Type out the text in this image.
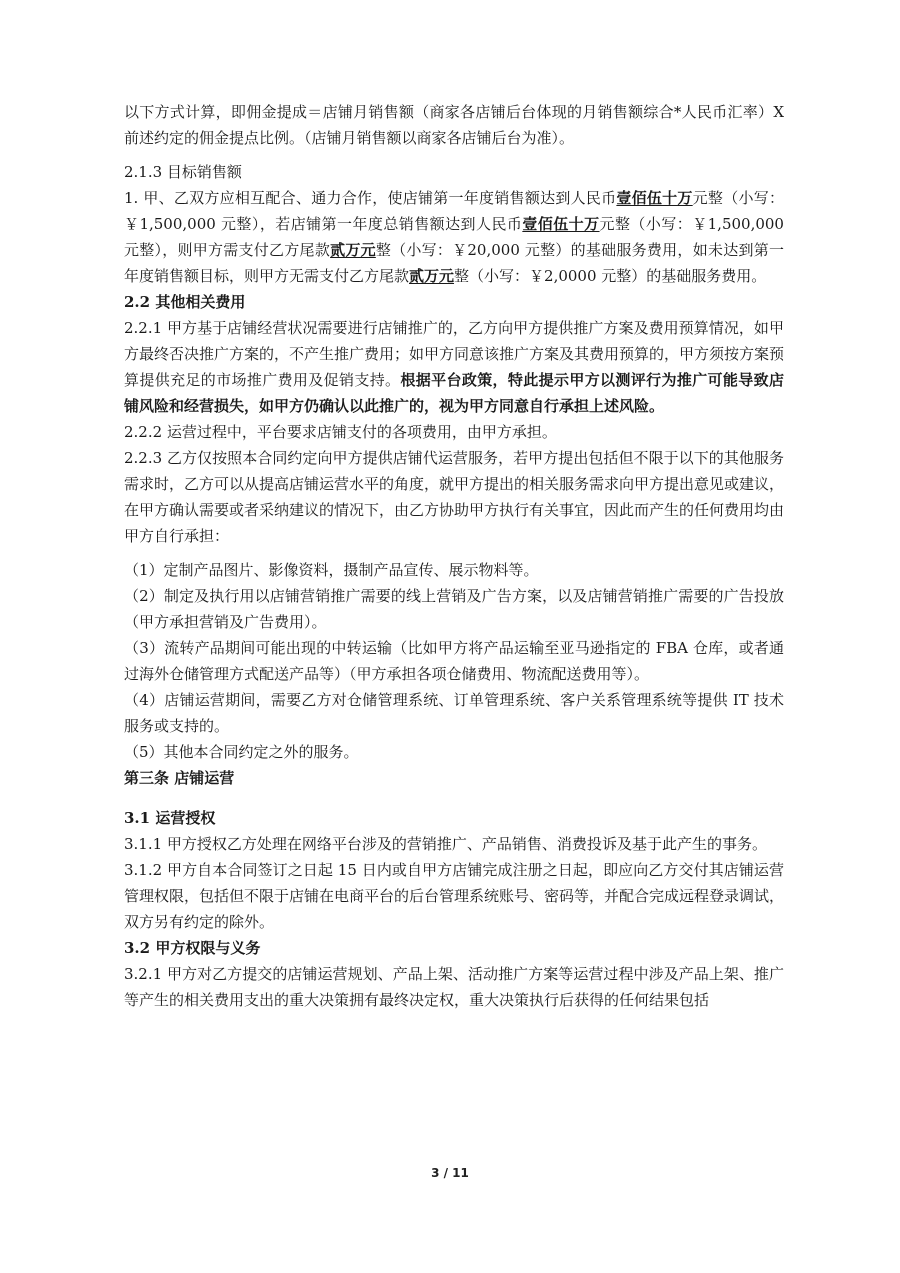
以下方式计算，即佣金提成＝店铺月销售额（商家各店铺后台体现的月销售额综合*人民币汇率）X 前述约定的佣金提点比例。（店铺月销售额以商家各店铺后台为准）。

2.1.3 目标销售额

1. 甲、乙双方应相互配合、通力合作，使店铺第一年度销售额达到人民币壹佰伍十万元整（小写：￥1,500,000 元整），若店铺第一年度总销售额达到人民币壹佰伍十万元整（小写：￥1,500,000 元整），则甲方需支付乙方尾款贰万元整（小写：￥20,000 元整）的基础服务费用，如未达到第一年度销售额目标，则甲方无需支付乙方尾款贰万元整（小写：￥2,0000 元整）的基础服务费用。

2.2 其他相关费用

2.2.1 甲方基于店铺经营状况需要进行店铺推广的，乙方向甲方提供推广方案及费用预算情况，如甲方最终否决推广方案的，不产生推广费用；如甲方同意该推广方案及其费用预算的，甲方须按方案预算提供充足的市场推广费用及促销支持。根据平台政策，特此提示甲方以测评行为推广可能导致店铺风险和经营损失，如甲方仍确认以此推广的，视为甲方同意自行承担上述风险。

2.2.2 运营过程中，平台要求店铺支付的各项费用，由甲方承担。

2.2.3 乙方仅按照本合同约定向甲方提供店铺代运营服务，若甲方提出包括但不限于以下的其他服务需求时，乙方可以从提高店铺运营水平的角度，就甲方提出的相关服务需求向甲方提出意见或建议，在甲方确认需要或者采纳建议的情况下，由乙方协助甲方执行有关事宜，因此而产生的任何费用均由甲方自行承担：

（1）定制产品图片、影像资料，摄制产品宣传、展示物料等。

（2）制定及执行用以店铺营销推广需要的线上营销及广告方案，以及店铺营销推广需要的广告投放（甲方承担营销及广告费用）。

（3）流转产品期间可能出现的中转运输（比如甲方将产品运输至亚马逊指定的 FBA 仓库，或者通过海外仓储管理方式配送产品等）（甲方承担各项仓储费用、物流配送费用等）。

（4）店铺运营期间，需要乙方对仓储管理系统、订单管理系统、客户关系管理系统等提供 IT 技术服务或支持的。

（5）其他本合同约定之外的服务。

第三条 店铺运营

3.1 运营授权

3.1.1 甲方授权乙方处理在网络平台涉及的营销推广、产品销售、消费投诉及基于此产生的事务。

3.1.2 甲方自本合同签订之日起 15 日内或自甲方店铺完成注册之日起，即应向乙方交付其店铺运营管理权限，包括但不限于店铺在电商平台的后台管理系统账号、密码等，并配合完成远程登录调试，双方另有约定的除外。

3.2 甲方权限与义务

3.2.1 甲方对乙方提交的店铺运营规划、产品上架、活动推广方案等运营过程中涉及产品上架、推广等产生的相关费用支出的重大决策拥有最终决定权，重大决策执行后获得的任何结果包括

3 / 11
